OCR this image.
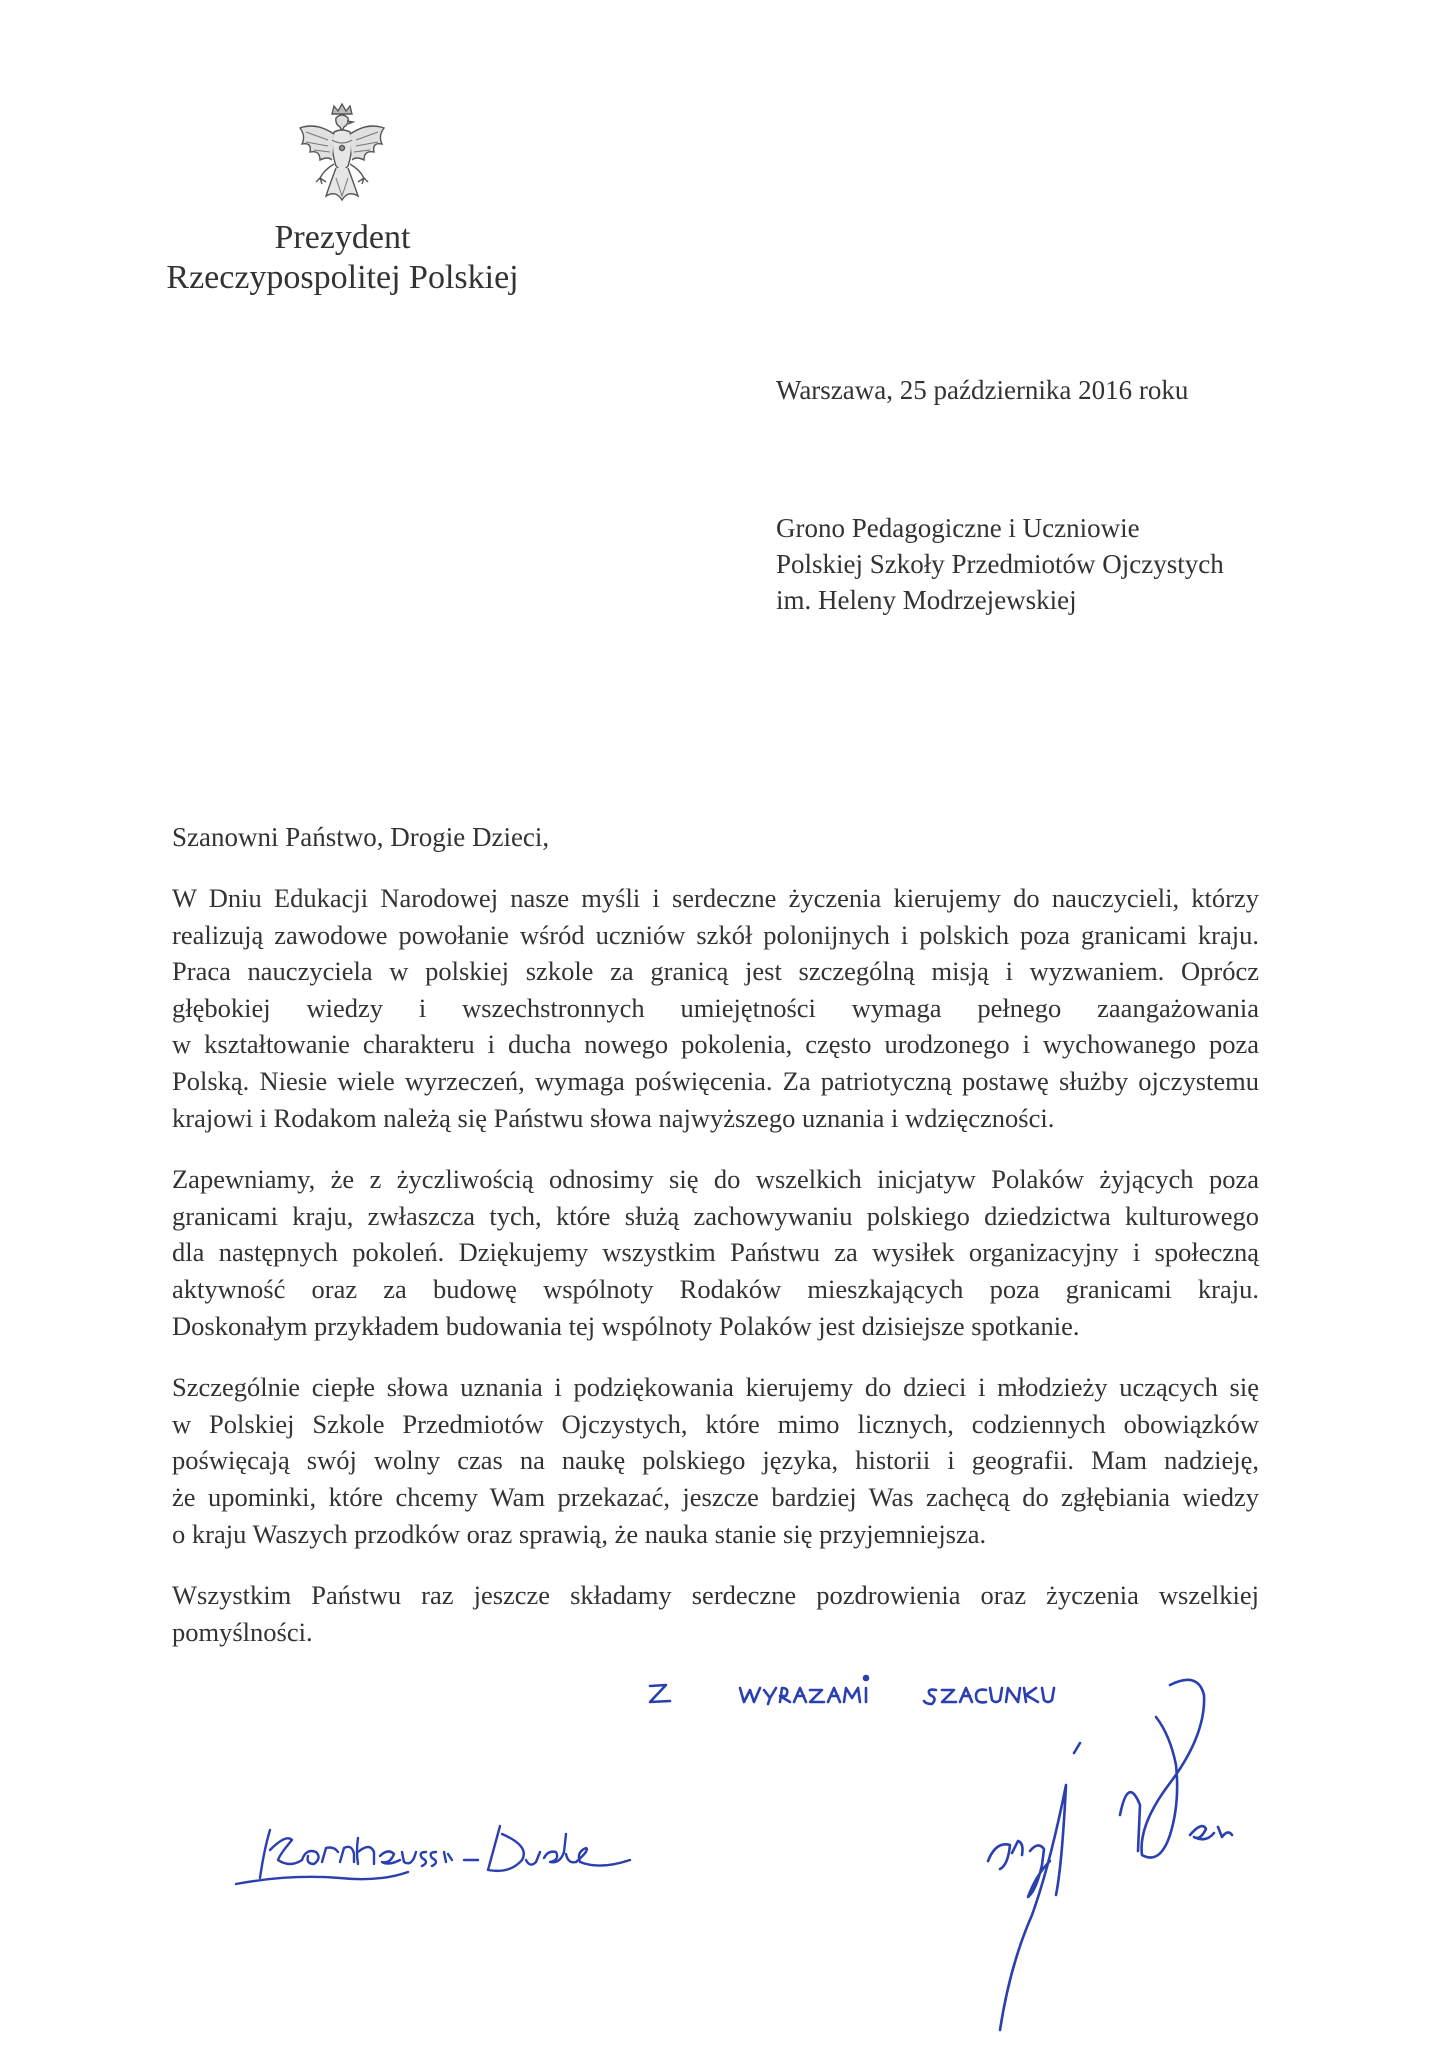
Prezydent
Rzeczypospolitej Polskiej
Warszawa, 25 października 2016 roku
Grono Pedagogiczne i Uczniowie
Polskiej Szkoły Przedmiotów Ojczystych
im. Heleny Modrzejewskiej
Szanowni Państwo, Drogie Dzieci,
W Dniu Edukacji Narodowej nasze myśli i serdeczne życzenia kierujemy do nauczycieli, którzy
realizują zawodowe powołanie wśród uczniów szkół polonijnych i polskich poza granicami kraju.
Praca nauczyciela w polskiej szkole za granicą jest szczególną misją i wyzwaniem. Oprócz
głębokiej wiedzy i wszechstronnych umiejętności wymaga pełnego zaangażowania
w kształtowanie charakteru i ducha nowego pokolenia, często urodzonego i wychowanego poza
Polską. Niesie wiele wyrzeczeń, wymaga poświęcenia. Za patriotyczną postawę służby ojczystemu
krajowi i Rodakom należą się Państwu słowa najwyższego uznania i wdzięczności.
Zapewniamy, że z życzliwością odnosimy się do wszelkich inicjatyw Polaków żyjących poza
granicami kraju, zwłaszcza tych, które służą zachowywaniu polskiego dziedzictwa kulturowego
dla następnych pokoleń. Dziękujemy wszystkim Państwu za wysiłek organizacyjny i społeczną
aktywność oraz za budowę wspólnoty Rodaków mieszkających poza granicami kraju.
Doskonałym przykładem budowania tej wspólnoty Polaków jest dzisiejsze spotkanie.
Szczególnie ciepłe słowa uznania i podziękowania kierujemy do dzieci i młodzieży uczących się
w Polskiej Szkole Przedmiotów Ojczystych, które mimo licznych, codziennych obowiązków
poświęcają swój wolny czas na naukę polskiego języka, historii i geografii. Mam nadzieję,
że upominki, które chcemy Wam przekazać, jeszcze bardziej Was zachęcą do zgłębiania wiedzy
o kraju Waszych przodków oraz sprawią, że nauka stanie się przyjemniejsza.
Wszystkim Państwu raz jeszcze składamy serdeczne pozdrowienia oraz życzenia wszelkiej
pomyślności.
